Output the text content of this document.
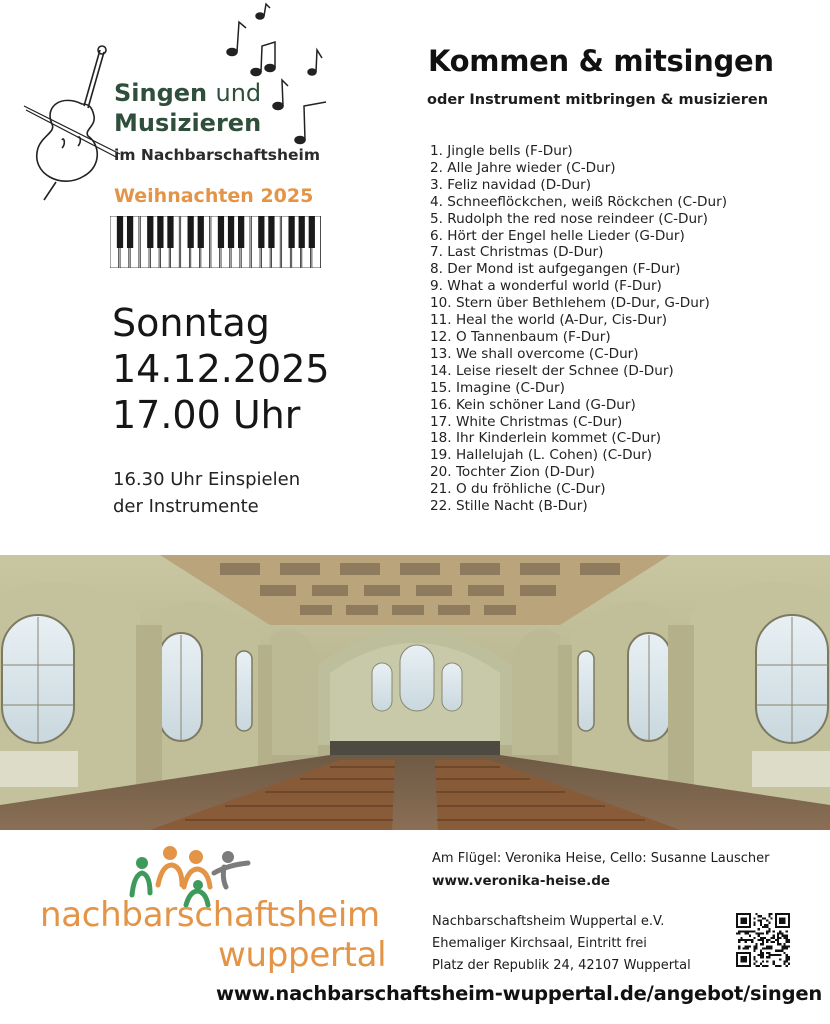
Singen und
Musizieren
im Nachbarschaftsheim
Weihnachten 2025
Sonntag
14.12.2025
17.00 Uhr
16.30 Uhr Einspielen
der Instrumente
Kommen & mitsingen
oder Instrument mitbringen & musizieren
1. Jingle bells (F-Dur)
2. Alle Jahre wieder (C-Dur)
3. Feliz navidad (D-Dur)
4. Schneeflöckchen, weiß Röckchen (C-Dur)
5. Rudolph the red nose reindeer (C-Dur)
6. Hört der Engel helle Lieder (G-Dur)
7. Last Christmas (D-Dur)
8. Der Mond ist aufgegangen (F-Dur)
9. What a wonderful world (F-Dur)
10. Stern über Bethlehem (D-Dur, G-Dur)
11. Heal the world (A-Dur, Cis-Dur)
12. O Tannenbaum (F-Dur)
13. We shall overcome (C-Dur)
14. Leise rieselt der Schnee (D-Dur)
15. Imagine (C-Dur)
16. Kein schöner Land (G-Dur)
17. White Christmas (C-Dur)
18. Ihr Kinderlein kommet (C-Dur)
19. Hallelujah (L. Cohen) (C-Dur)
20. Tochter Zion (D-Dur)
21. O du fröhliche (C-Dur)
22. Stille Nacht (B-Dur)
nachbarschaftsheim
wuppertal
Am Flügel: Veronika Heise, Cello: Susanne Lauscher
www.veronika-heise.de
Nachbarschaftsheim Wuppertal e.V.
Ehemaliger Kirchsaal, Eintritt frei
Platz der Republik 24, 42107 Wuppertal
www.nachbarschaftsheim-wuppertal.de/angebot/singen
